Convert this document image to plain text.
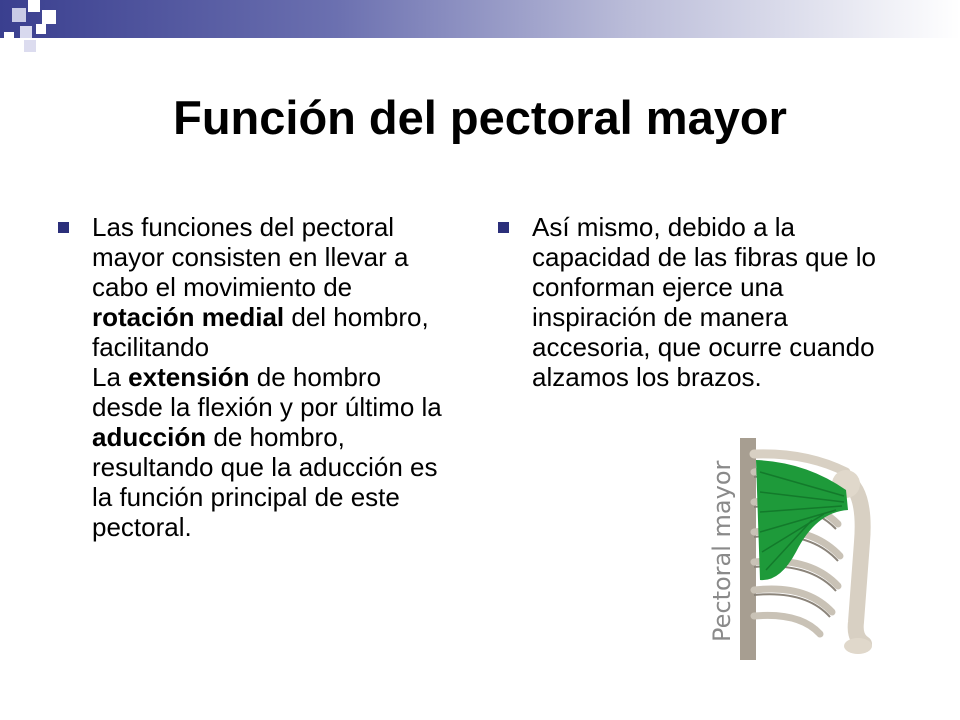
Función del pectoral mayor

Las funciones del pectoral mayor consisten en llevar a cabo el movimiento de rotación medial del hombro, facilitando

La extensión de hombro desde la flexión y por último la aducción de hombro, resultando que la aducción es la función principal de este pectoral.

Así mismo, debido a la capacidad de las fibras que lo conforman ejerce una inspiración de manera accesoria, que ocurre cuando alzamos los brazos.
Pectoral mayor
